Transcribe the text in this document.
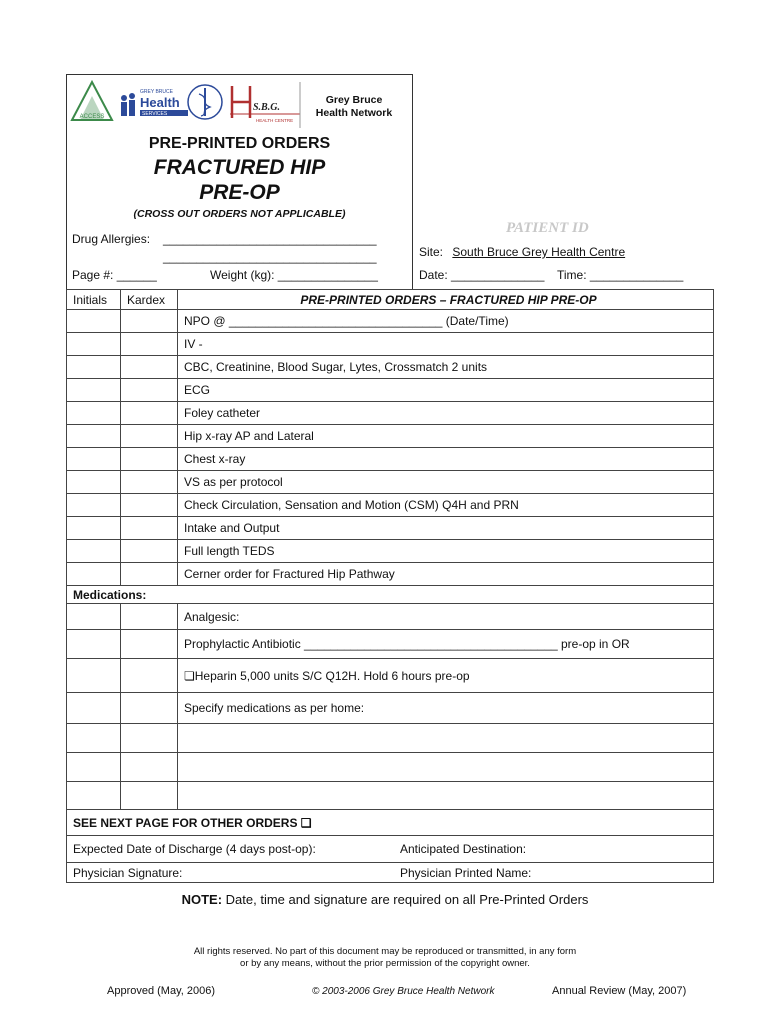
ACCESS
GREY BRUCE
Health
SERVICES
S.B.G.
HEALTH CENTRE
Grey Bruce
Health Network
PRE-PRINTED ORDERS
FRACTURED HIP
PRE-OP
(CROSS OUT ORDERS NOT APPLICABLE)
Drug Allergies: ________________________________
________________________________
Page #: ______	Weight (kg): _______________
PATIENT ID
Site: South Bruce Grey Health Centre
Date: ______________ Time: ______________
Initials	Kardex	PRE-PRINTED ORDERS – FRACTURED HIP PRE-OP
		NPO @ ________________________________ (Date/Time)
		IV -
		CBC, Creatinine, Blood Sugar, Lytes, Crossmatch 2 units
		ECG
		Foley catheter
		Hip x-ray AP and Lateral
		Chest x-ray
		VS as per protocol
		Check Circulation, Sensation and Motion (CSM) Q4H and PRN
		Intake and Output
		Full length TEDS
		Cerner order for Fractured Hip Pathway
Medications:		
		Analgesic:
		Prophylactic Antibiotic ______________________________________ pre-op in OR
		❏Heparin 5,000 units S/C Q12H. Hold 6 hours pre-op
		Specify medications as per home:

SEE NEXT PAGE FOR OTHER ORDERS ❏		

Expected Date of Discharge (4 days post-op): Anticipated Destination:		

Physician Signature: Physician Printed Name:		
NOTE: Date, time and signature are required on all Pre-Printed Orders
All rights reserved. No part of this document may be reproduced or transmitted, in any form
or by any means, without the prior permission of the copyright owner.
Approved (May, 2006)	© 2003-2006 Grey Bruce Health Network	Annual Review (May, 2007)
